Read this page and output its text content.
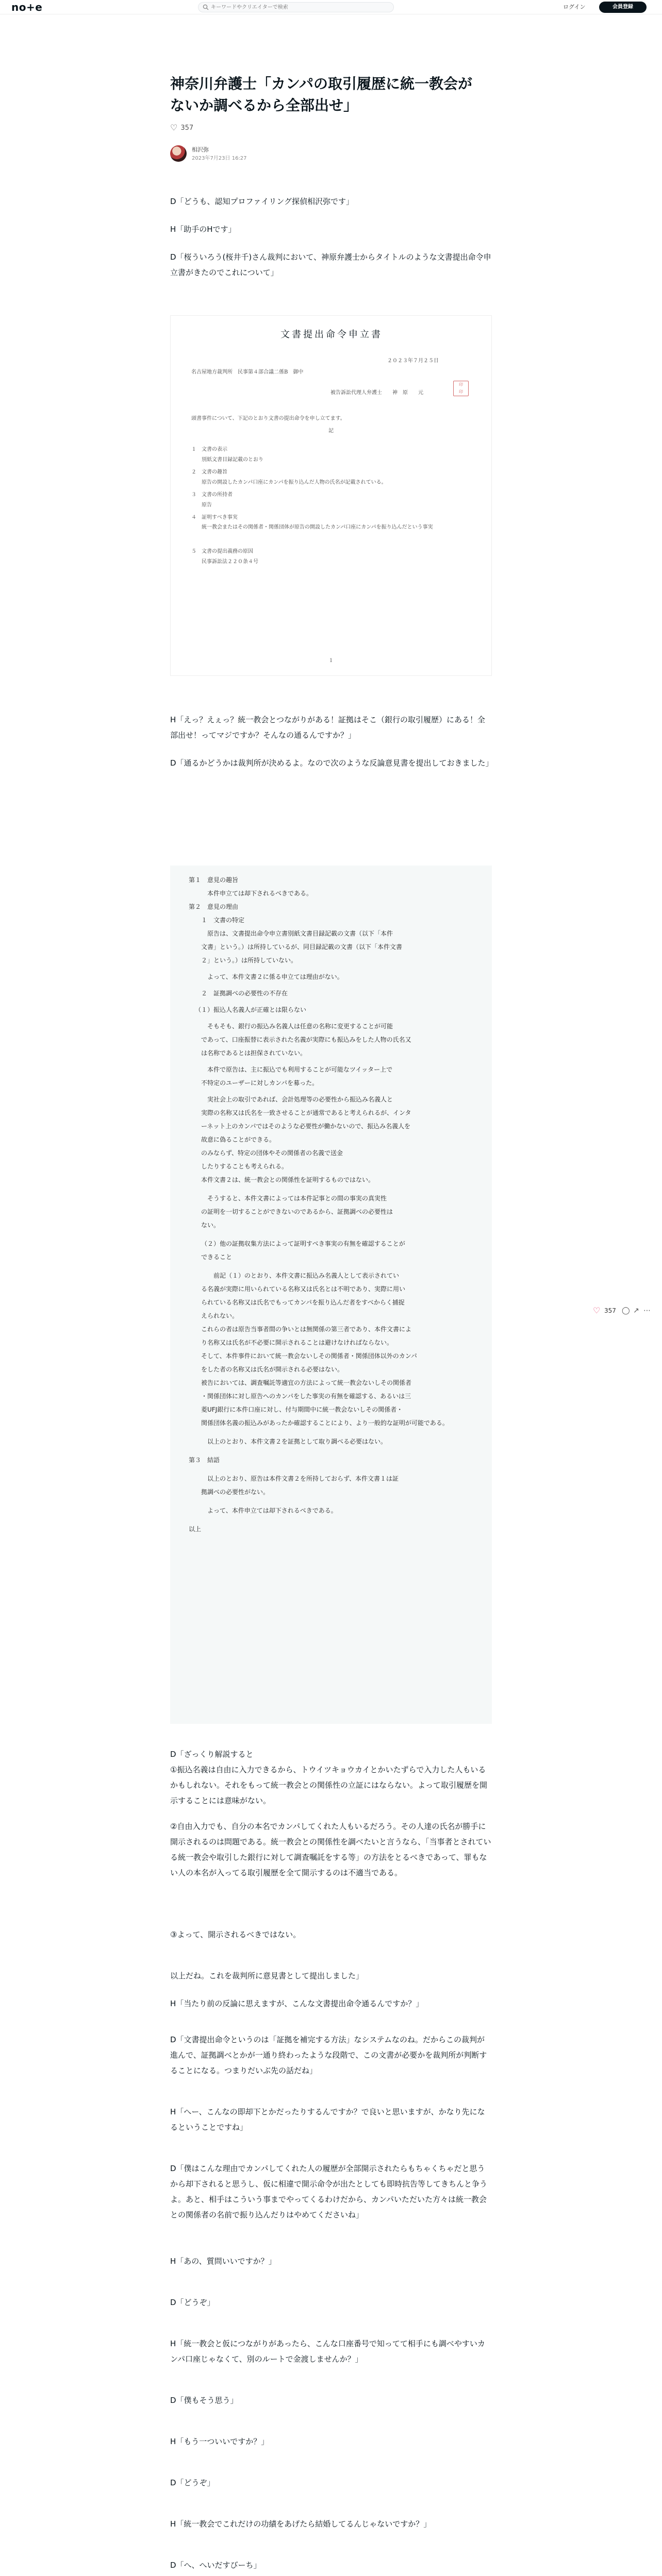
no+e
キーワードやクリエイターで検索	ログイン	会員登録
神奈川弁護士「カンパの取引履歴に統一教会がないか調べるから全部出せ」
♡ 357
相沢弥
2023年7月23日 16:27
D「どうも、認知プロファイリング探偵相沢弥です」
H「助手のHです」
D「桜ういろう(桜井千)さん裁判において、神原弁護士からタイトルのような文書提出命令申立書がきたのでこれについて」
文書提出命令申立書
２０２３年７月２５日
名古屋地方裁判所　民事第４部合議二係B　御中
被告訴訟代理人弁護士　　神　原　　元
印
印
頭書事件について、下記のとおり文書の提出命令を申し立てます。
記
１　文書の表示
　　別紙文書目録記載のとおり
２　文書の趣旨
　　原告の開設したカンパ口座にカンパを振り込んだ人物の氏名が記載されている。
３　文書の所持者
　　原告
４　証明すべき事実
　　統一教会またはその関係者・関係団体が原告の開設したカンパ口座にカンパを振り込んだという事実
５　文書の提出義務の原因
　　民事訴訟法２２０条４号
１
H「えっ？えぇっ？統一教会とつながりがある！証拠はそこ（銀行の取引履歴）にある！全部出せ！ってマジですか？そんなの通るんですか？」
D「通るかどうかは裁判所が決めるよ。なので次のような反論意見書を提出しておきました」
第１　意見の趣旨
本件申立ては却下されるべきである。
第２　意見の理由
１　文書の特定
原告は、文書提出命令申立書別紙文書目録記載の文書（以下「本件
文書」という。）は所持しているが、同目録記載の文書（以下「本件文書
２」という。）は所持していない。
よって、本件文書２に係る申立ては理由がない。
２　証拠調べの必要性の不存在
（１）振込人名義人が正確とは限らない
そもそも、銀行の振込み名義人は任意の名称に変更することが可能
であって、口座振替に表示された名義が実際にも振込みをした人物の氏名又
は名称であるとは担保されていない。
本件で原告は、主に振込でも利用することが可能なツイッター上で
不特定のユーザーに対しカンパを募った。
実社会上の取引であれば、会計処理等の必要性から振込み名義人と
実際の名称又は氏名を一致させることが通常であると考えられるが、インタ
ーネット上のカンパではそのような必要性が働かないので、振込み名義人を
故意に偽ることができる。
のみならず、特定の団体やその関係者の名義で送金
したりすることも考えられる。
本件文書２は、統一教会との関係性を証明するものではない。
そうすると、本件文書によっては本件記事との間の事実の真実性
の証明を一切することができないのであるから、証拠調べの必要性は
ない。
（２）他の証拠収集方法によって証明すべき事実の有無を確認することが
できること
前記（１）のとおり、本件文書に振込み名義人として表示されてい
る名義が実際に用いられている名称又は氏名とは不明であり、実際に用い
られている名称又は氏名でもってカンパを振り込んだ者をすべからく捕捉
えられない。
これらの者は原告当事者間の争いとは無関係の第三者であり、本件文書によ
り名称又は氏名が不必要に開示されることは避けなければならない。
そして、本件事件において統一教会ないしその関係者・関係団体以外のカンパ
をした者の名称又は氏名が開示される必要はない。
被告においては、調査嘱託等適宜の方法によって統一教会ないしその関係者
・関係団体に対し原告へのカンパをした事実の有無を確認する、あるいは三
菱UFJ銀行に本件口座に対し、付与期間中に統一教会ないしその関係者・
関係団体名義の振込みがあったか確認することにより、より一般的な証明が可能である。
以上のとおり、本件文書２を証拠として取り調べる必要はない。
第３　結語
以上のとおり、原告は本件文書２を所持しておらず、本件文書１は証
拠調べの必要性がない。
よって、本件申立ては却下されるべきである。
以上
D「ざっくり解説すると
①振込名義は自由に入力できるから、トウイツキョウカイとかいたずらで入力した人もいるかもしれない。それをもって統一教会との関係性の立証にはならない。よって取引履歴を開示することには意味がない。
②自由入力でも、自分の本名でカンパしてくれた人もいるだろう。その人達の氏名が勝手に開示されるのは問題である。統一教会との関係性を調べたいと言うなら、「当事者とされている統一教会や取引した銀行に対して調査嘱託をする等」の方法をとるべきであって、罪もない人の本名が入ってる取引履歴を全て開示するのは不適当である。
③よって、開示されるべきではない。
以上だね。これを裁判所に意見書として提出しました」
H「当たり前の反論に思えますが、こんな文書提出命令通るんですか？」
D「文書提出命令というのは「証拠を補完する方法」なシステムなのね。だからこの裁判が進んで、証拠調べとかが一通り終わったような段階で、この文書が必要かを裁判所が判断することになる。つまりだいぶ先の話だね」
H「へー、こんなの即却下とかだったりするんですか？で良いと思いますが、かなり先になるということですね」
D「僕はこんな理由でカンパしてくれた人の履歴が全部開示されたらもちゃくちゃだと思うから却下されると思うし、仮に相違で開示命令が出たとしても即時抗告等してきちんと争うよ。あと、相手はこういう事までやってくるわけだから、カンパいただいた方々は統一教会との関係者の名前で振り込んだりはやめてくださいね」
H「あの、質問いいですか？」
D「どうぞ」
H「統一教会と仮につながりがあったら、こんな口座番号で知ってて相手にも調べやすいカンパ口座じゃなくて、別のルートで金渡しませんか？」
D「僕もそう思う」
H「もう一ついいですか？」
D「どうぞ」
H「統一教会でこれだけの功績をあげたら結婚してるんじゃないですか？」
D「へ、へいだすびーち」
♡ 357 ◯ ↗ ⋯
